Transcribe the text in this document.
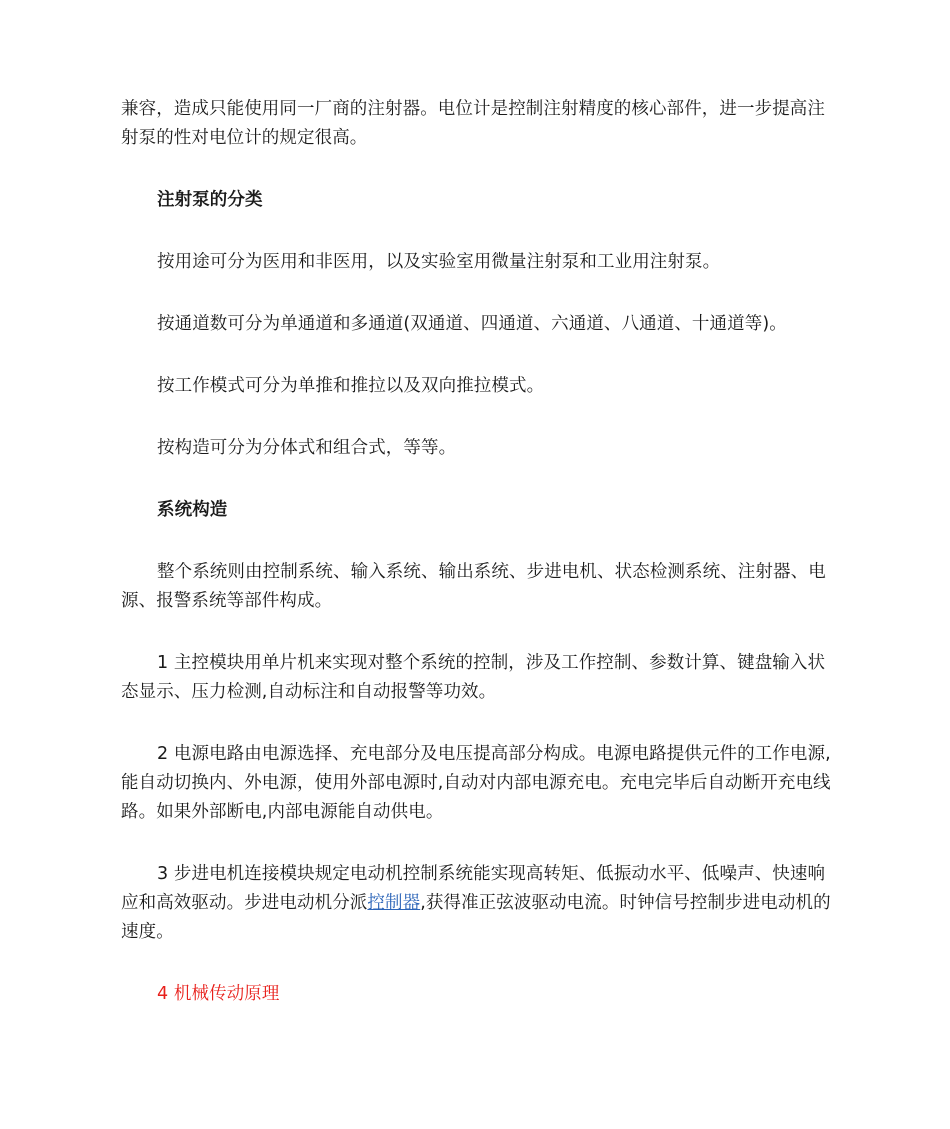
兼容，造成只能使用同一厂商的注射器。电位计是控制注射精度的核心部件，进一步提高注射泵的性对电位计的规定很高。
注射泵的分类
按用途可分为医用和非医用，以及实验室用微量注射泵和工业用注射泵。
按通道数可分为单通道和多通道(双通道、四通道、六通道、八通道、十通道等)。
按工作模式可分为单推和推拉以及双向推拉模式。
按构造可分为分体式和组合式，等等。
系统构造
整个系统则由控制系统、输入系统、输出系统、步进电机、状态检测系统、注射器、电源、报警系统等部件构成。
1 主控模块用单片机来实现对整个系统的控制，涉及工作控制、参数计算、键盘输入状态显示、压力检测,自动标注和自动报警等功效。
2 电源电路由电源选择、充电部分及电压提高部分构成。电源电路提供元件的工作电源,能自动切换内、外电源，使用外部电源时,自动对内部电源充电。充电完毕后自动断开充电线路。如果外部断电,内部电源能自动供电。
3 步进电机连接模块规定电动机控制系统能实现高转矩、低振动水平、低噪声、快速响应和高效驱动。步进电动机分派控制器,获得准正弦波驱动电流。时钟信号控制步进电动机的速度。
4 机械传动原理
